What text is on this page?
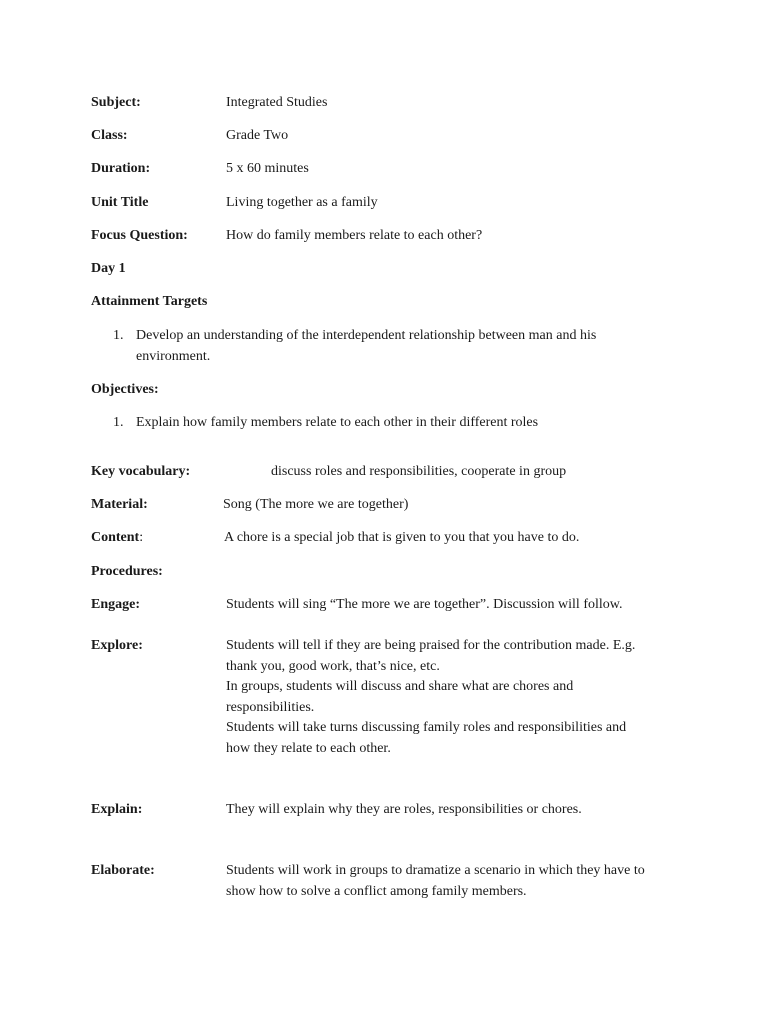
Subject:	Integrated Studies
Class:	Grade Two
Duration:	5 x 60 minutes
Unit Title	Living together as a family
Focus Question:	How do family members relate to each other?
Day 1
Attainment Targets
1. Develop an understanding of the interdependent relationship between man and his environment.
Objectives:
1. Explain how family members relate to each other in their different roles
Key vocabulary:	discuss roles and responsibilities, cooperate in group
Material:	Song (The more we are together)
Content:	A chore is a special job that is given to you that you have to do.
Procedures:
Engage:	Students will sing “The more we are together”. Discussion will follow.
Explore:	Students will tell if they are being praised for the contribution made. E.g.
thank you, good work, that’s nice, etc.
In groups, students will discuss and share what are chores and
responsibilities.
Students will take turns discussing family roles and responsibilities and
how they relate to each other.
Explain:	They will explain why they are roles, responsibilities or chores.
Elaborate:	Students will work in groups to dramatize a scenario in which they have to
show how to solve a conflict among family members.
